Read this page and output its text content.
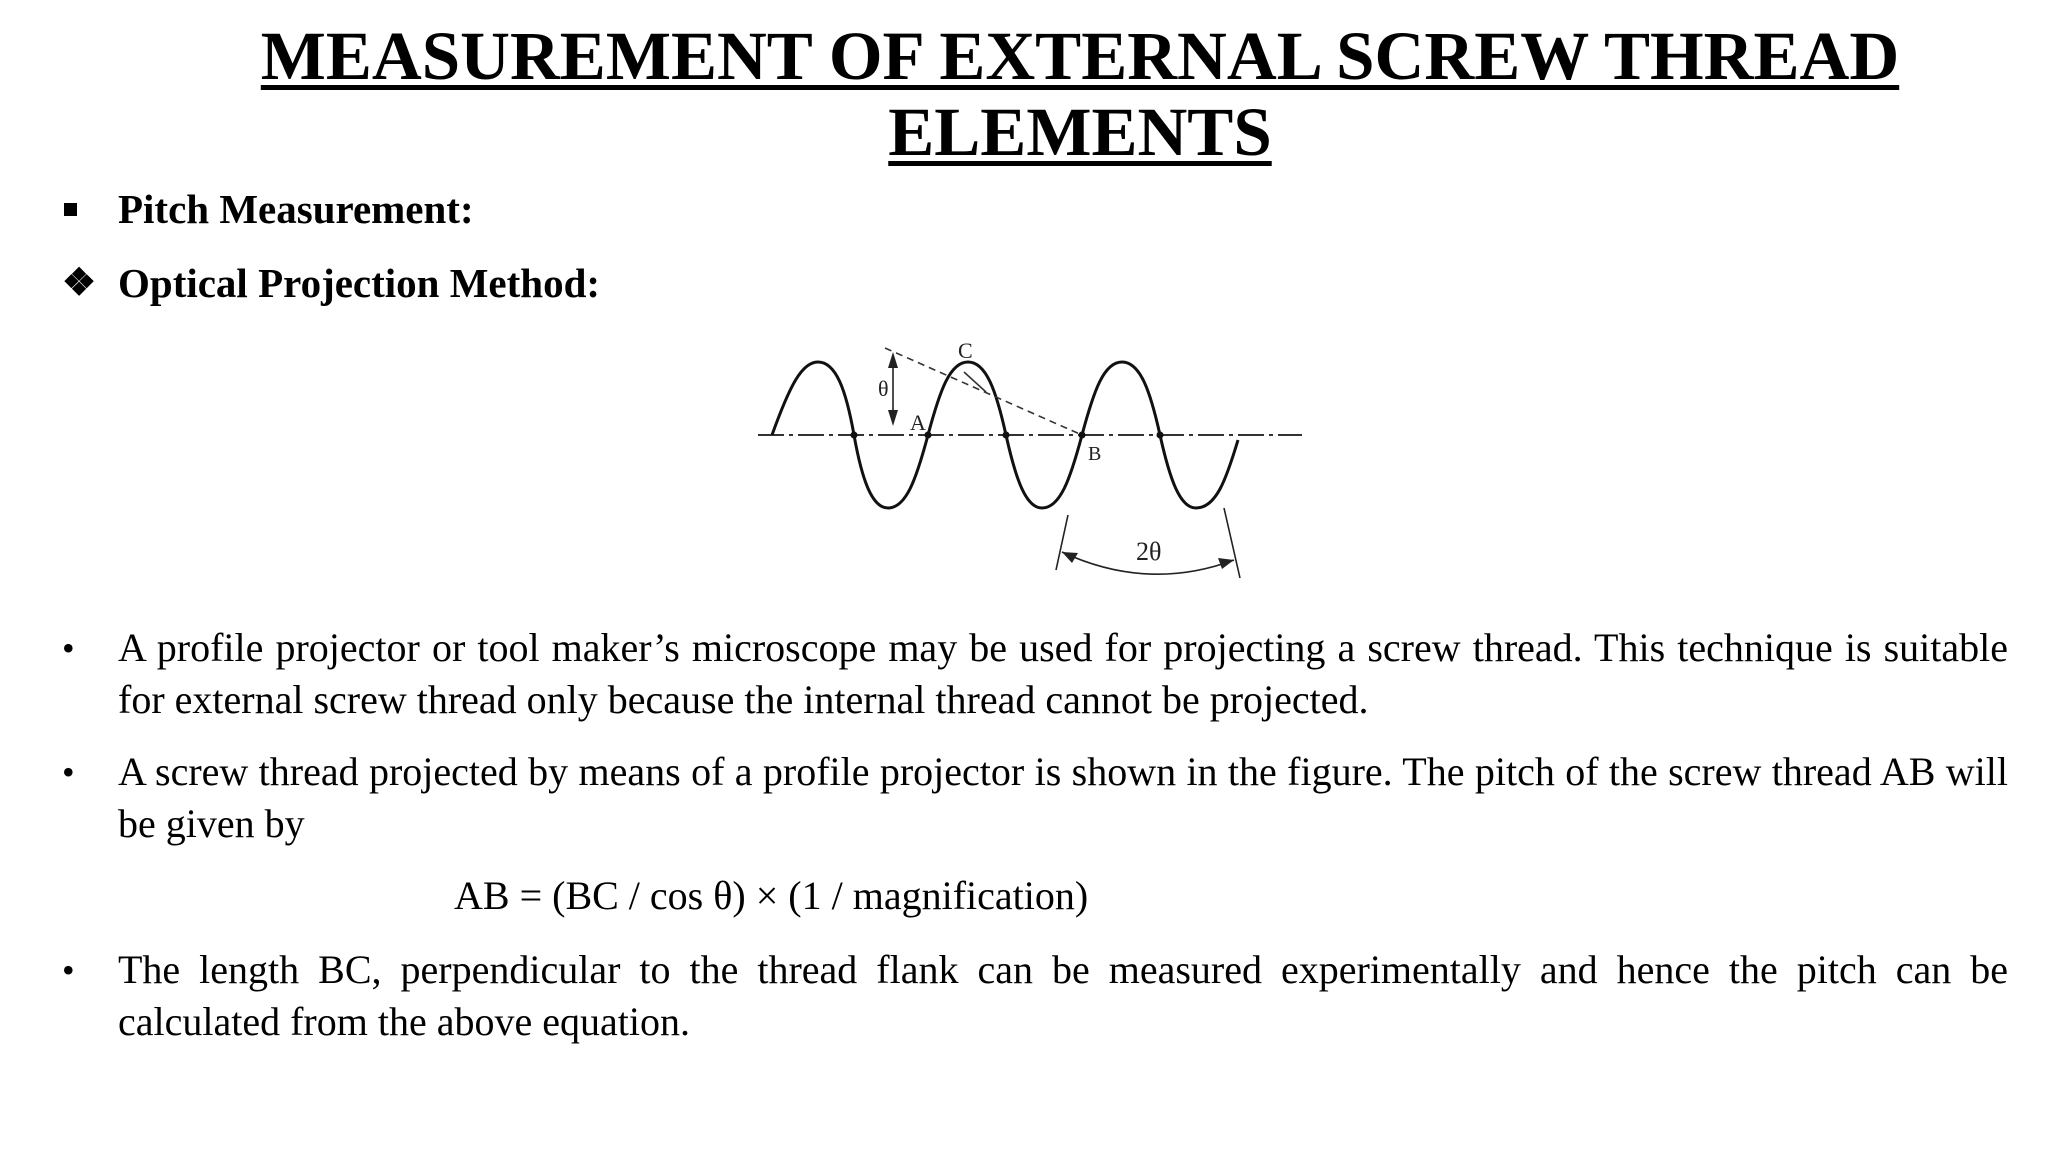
MEASUREMENT OF EXTERNAL SCREW THREAD
ELEMENTS
Pitch Measurement:
❖ Optical Projection Method:
C
θ
A
B
2θ
•	A profile projector or tool maker’s microscope may be used for projecting a screw thread. This technique is suitable for external screw thread only because the internal thread cannot be projected.
•	A screw thread projected by means of a profile projector is shown in the figure. The pitch of the screw thread AB will be given by
AB = (BC / cos θ) × (1 / magnification)
•	The length BC, perpendicular to the thread flank can be measured experimentally and hence the pitch can be calculated from the above equation.
